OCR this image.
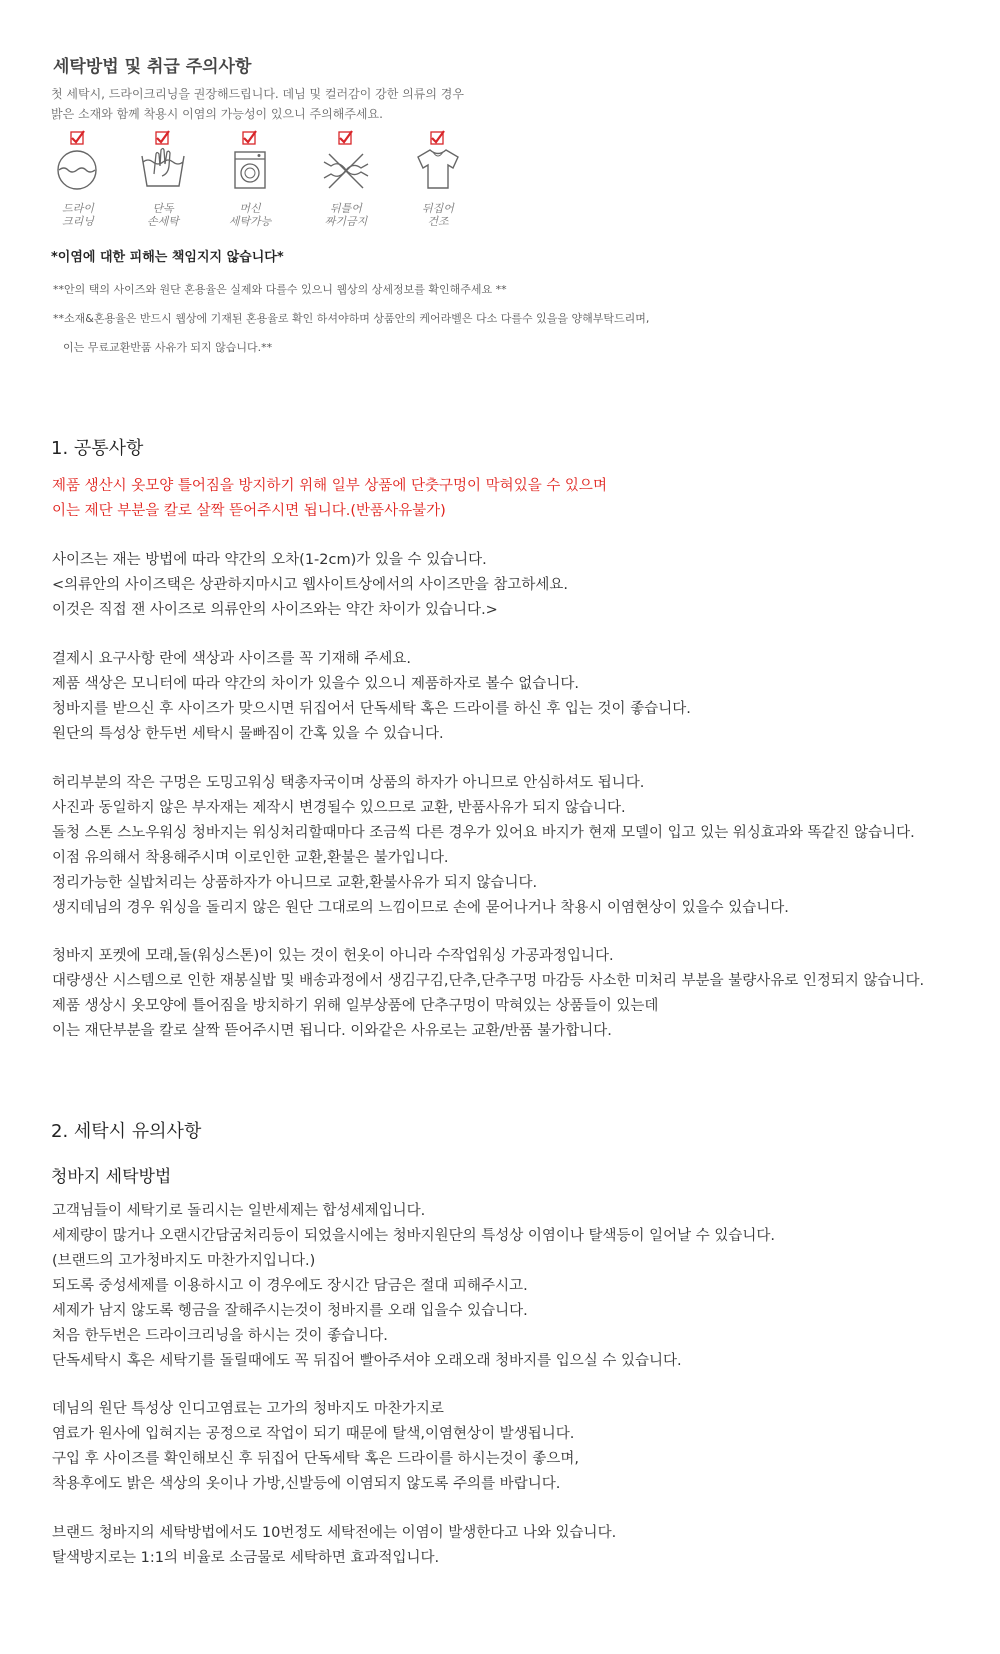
세탁방법 및 취급 주의사항
첫 세탁시, 드라이크리닝을 권장해드립니다. 데님 및 컬러감이 강한 의류의 경우
밝은 소재와 함께 착용시 이염의 가능성이 있으니 주의해주세요.
드라이
크리닝
단독
손세탁
머신
세탁가능
뒤틀어
짜기금지
뒤집어
건조
*이염에 대한 피해는 책임지지 않습니다*
**안의 택의 사이즈와 원단 혼용율은 실제와 다를수 있으니 웹상의 상세정보를 확인해주세요 **
**소재&혼용율은 반드시 웹상에 기재된 혼용율로 확인 하셔야하며 상품안의 케어라벨은 다소 다를수 있을을 양해부탁드리며,
이는 무료교환반품 사유가 되지 않습니다.**
1. 공통사항
제품 생산시 옷모양 틀어짐을 방지하기 위해 일부 상품에 단춧구멍이 막혀있을 수 있으며
이는 제단 부분을 칼로 살짝 뜯어주시면 됩니다.(반품사유불가)
사이즈는 재는 방법에 따라 약간의 오차(1-2cm)가 있을 수 있습니다.
<의류안의 사이즈택은 상관하지마시고 웹사이트상에서의 사이즈만을 참고하세요.
이것은 직접 잰 사이즈로 의류안의 사이즈와는 약간 차이가 있습니다.>
결제시 요구사항 란에 색상과 사이즈를 꼭 기재해 주세요.
제품 색상은 모니터에 따라 약간의 차이가 있을수 있으니 제품하자로 볼수 없습니다.
청바지를 받으신 후 사이즈가 맞으시면 뒤집어서 단독세탁 혹은 드라이를 하신 후 입는 것이 좋습니다.
원단의 특성상 한두번 세탁시 물빠짐이 간혹 있을 수 있습니다.
허리부분의 작은 구멍은 도밍고워싱 택총자국이며 상품의 하자가 아니므로 안심하셔도 됩니다.
사진과 동일하지 않은 부자재는 제작시 변경될수 있으므로 교환, 반품사유가 되지 않습니다.
돌청 스톤 스노우워싱 청바지는 워싱처리할때마다 조금씩 다른 경우가 있어요 바지가 현재 모델이 입고 있는 워싱효과와 똑같진 않습니다.
이점 유의해서 착용해주시며 이로인한 교환,환불은 불가입니다.
정리가능한 실밥처리는 상품하자가 아니므로 교환,환불사유가 되지 않습니다.
생지데님의 경우 워싱을 돌리지 않은 원단 그대로의 느낌이므로 손에 묻어나거나 착용시 이염현상이 있을수 있습니다.
청바지 포켓에 모래,돌(워싱스톤)이 있는 것이 헌옷이 아니라 수작업워싱 가공과정입니다.
대량생산 시스템으로 인한 재봉실밥 및 배송과정에서 생김구김,단추,단추구멍 마감등 사소한 미처리 부분을 불량사유로 인정되지 않습니다.
제품 생상시 옷모양에 틀어짐을 방치하기 위해 일부상품에 단추구멍이 막혀있는 상품들이 있는데
이는 재단부분을 칼로 살짝 뜯어주시면 됩니다. 이와같은 사유로는 교환/반품 불가합니다.
2. 세탁시 유의사항
청바지 세탁방법
고객님들이 세탁기로 돌리시는 일반세제는 합성세제입니다.
세제량이 많거나 오랜시간담굼처리등이 되었을시에는 청바지원단의 특성상 이염이나 탈색등이 일어날 수 있습니다.
(브랜드의 고가청바지도 마찬가지입니다.)
되도록 중성세제를 이용하시고 이 경우에도 장시간 담금은 절대 피해주시고.
세제가 남지 않도록 헹금을 잘해주시는것이 청바지를 오래 입을수 있습니다.
처음 한두번은 드라이크리닝을 하시는 것이 좋습니다.
단독세탁시 혹은 세탁기를 돌릴때에도 꼭 뒤집어 빨아주셔야 오래오래 청바지를 입으실 수 있습니다.
데님의 원단 특성상 인디고염료는 고가의 청바지도 마찬가지로
염료가 원사에 입혀지는 공정으로 작업이 되기 때문에 탈색,이염현상이 발생됩니다.
구입 후 사이즈를 확인해보신 후 뒤집어 단독세탁 혹은 드라이를 하시는것이 좋으며,
착용후에도 밝은 색상의 옷이나 가방,신발등에 이염되지 않도록 주의를 바랍니다.
브랜드 청바지의 세탁방법에서도 10번정도 세탁전에는 이염이 발생한다고 나와 있습니다.
탈색방지로는 1:1의 비율로 소금물로 세탁하면 효과적입니다.
